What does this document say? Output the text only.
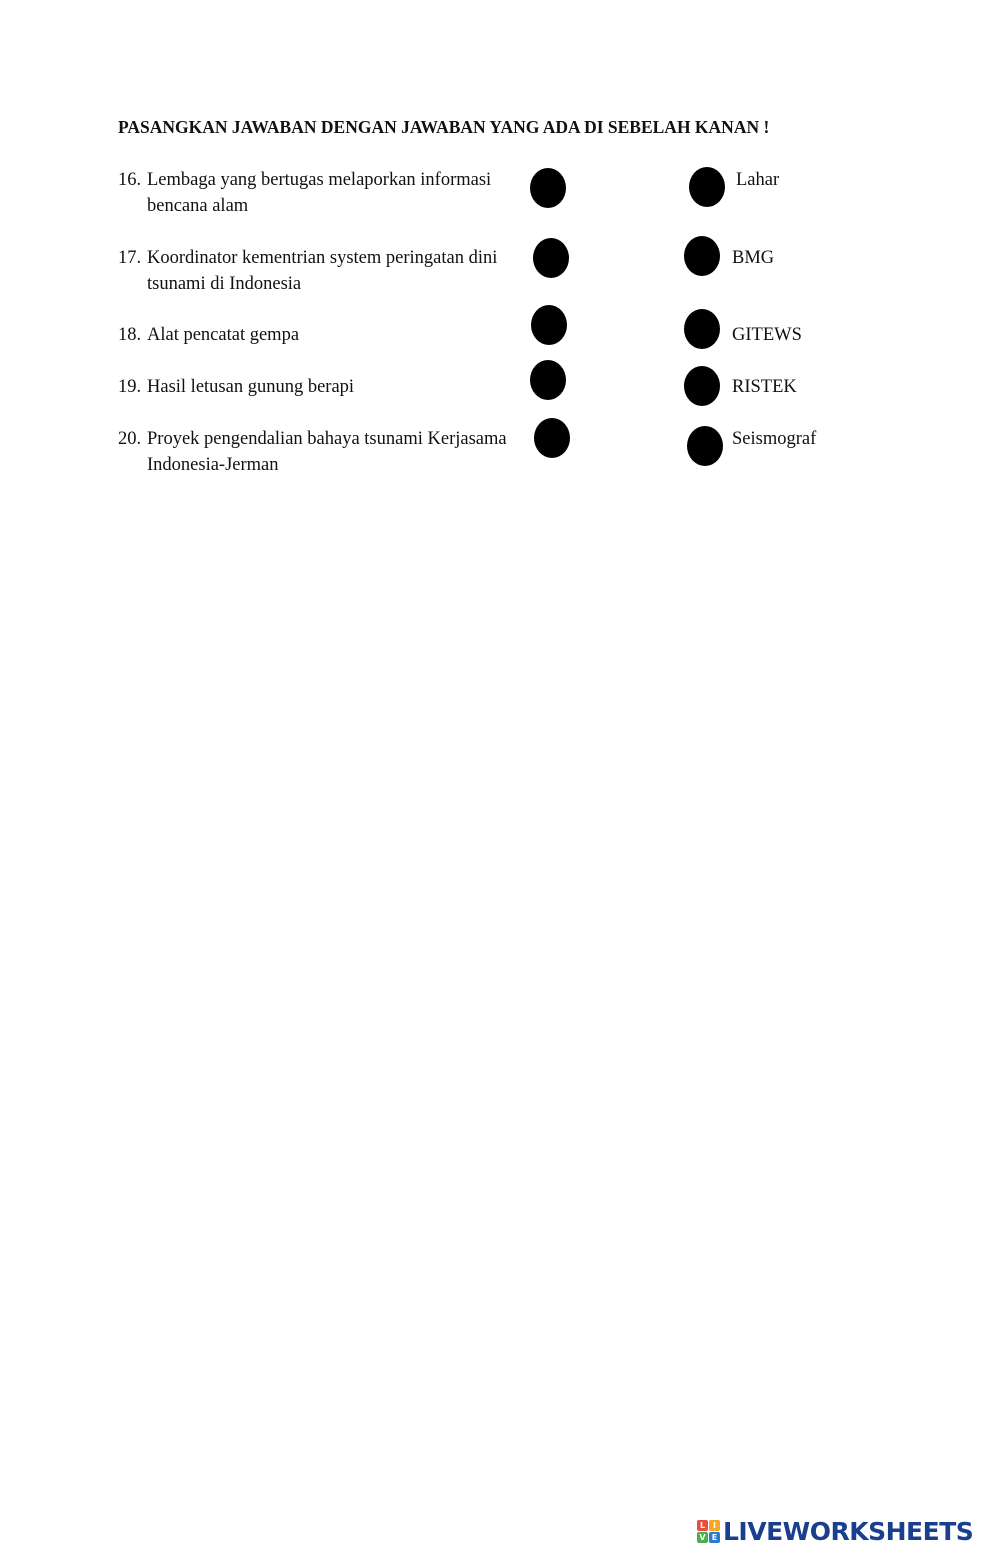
PASANGKAN JAWABAN DENGAN JAWABAN YANG ADA DI SEBELAH KANAN !
16. Lembaga yang bertugas melaporkan informasi
bencana alam
17. Koordinator kementrian system peringatan dini
tsunami di Indonesia
18. Alat pencatat gempa
19. Hasil letusan gunung berapi
20. Proyek pengendalian bahaya tsunami Kerjasama
Indonesia-Jerman
Lahar
BMG
GITEWS
RISTEK
Seismograf
L I
V E LIVEWORKSHEETS
